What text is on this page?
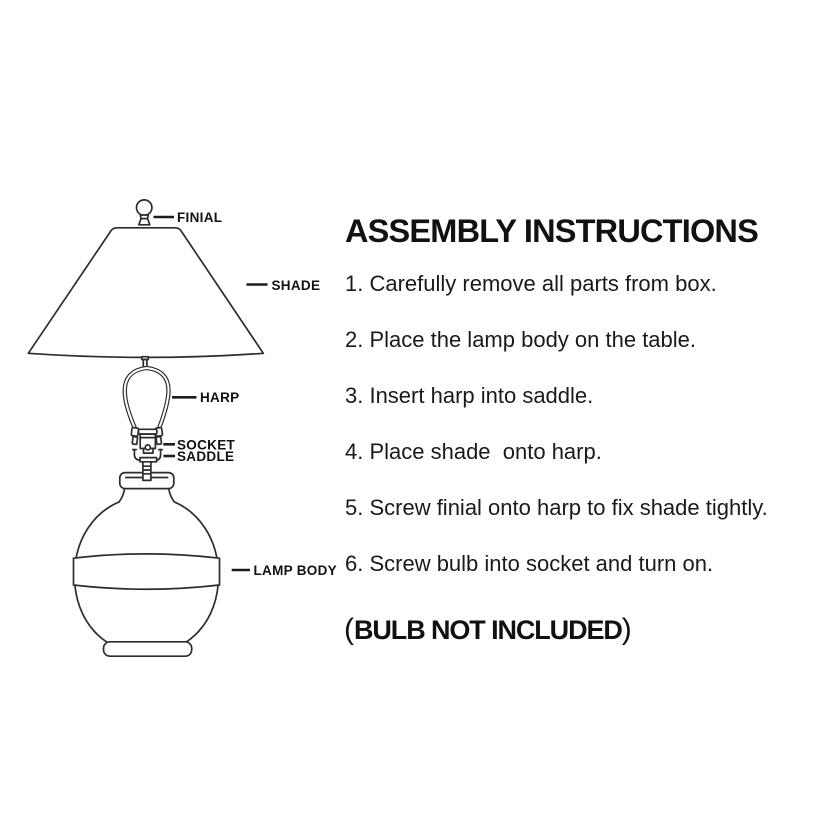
FINIAL
SHADE
HARP
SOCKET
SADDLE
LAMP BODY
ASSEMBLY INSTRUCTIONS
1. Carefully remove all parts from box.
2. Place the lamp body on the table.
3. Insert harp into saddle.
4. Place shade  onto harp.
5. Screw finial onto harp to fix shade tightly.
6. Screw bulb into socket and turn on.
(BULB NOT INCLUDED)
